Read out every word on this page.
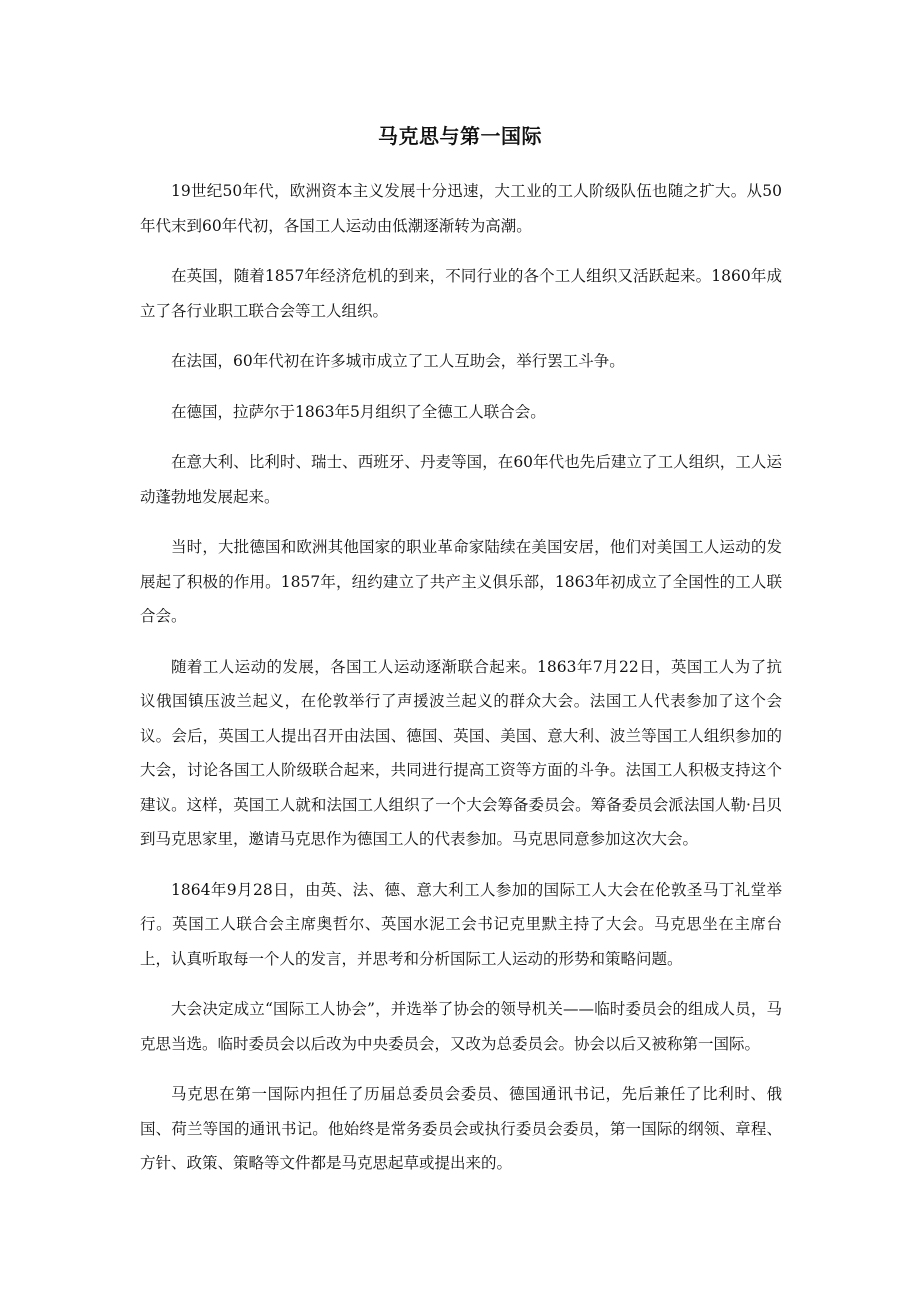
马克思与第一国际

19世纪50年代，欧洲资本主义发展十分迅速，大工业的工人阶级队伍也随之扩大。从50年代末到60年代初，各国工人运动由低潮逐渐转为高潮。

在英国，随着1857年经济危机的到来，不同行业的各个工人组织又活跃起来。1860年成立了各行业职工联合会等工人组织。

在法国，60年代初在许多城市成立了工人互助会，举行罢工斗争。

在德国，拉萨尔于1863年5月组织了全德工人联合会。

在意大利、比利时、瑞士、西班牙、丹麦等国，在60年代也先后建立了工人组织，工人运动蓬勃地发展起来。

当时，大批德国和欧洲其他国家的职业革命家陆续在美国安居，他们对美国工人运动的发展起了积极的作用。1857年，纽约建立了共产主义俱乐部，1863年初成立了全国性的工人联合会。

随着工人运动的发展，各国工人运动逐渐联合起来。1863年7月22日，英国工人为了抗议俄国镇压波兰起义，在伦敦举行了声援波兰起义的群众大会。法国工人代表参加了这个会议。会后，英国工人提出召开由法国、德国、英国、美国、意大利、波兰等国工人组织参加的大会，讨论各国工人阶级联合起来，共同进行提高工资等方面的斗争。法国工人积极支持这个建议。这样，英国工人就和法国工人组织了一个大会筹备委员会。筹备委员会派法国人勒·吕贝到马克思家里，邀请马克思作为德国工人的代表参加。马克思同意参加这次大会。

1864年9月28日，由英、法、德、意大利工人参加的国际工人大会在伦敦圣马丁礼堂举行。英国工人联合会主席奥哲尔、英国水泥工会书记克里默主持了大会。马克思坐在主席台上，认真听取每一个人的发言，并思考和分析国际工人运动的形势和策略问题。

大会决定成立“国际工人协会”，并选举了协会的领导机关——临时委员会的组成人员，马克思当选。临时委员会以后改为中央委员会，又改为总委员会。协会以后又被称第一国际。

马克思在第一国际内担任了历届总委员会委员、德国通讯书记，先后兼任了比利时、俄国、荷兰等国的通讯书记。他始终是常务委员会或执行委员会委员，第一国际的纲领、章程、方针、政策、策略等文件都是马克思起草或提出来的。
